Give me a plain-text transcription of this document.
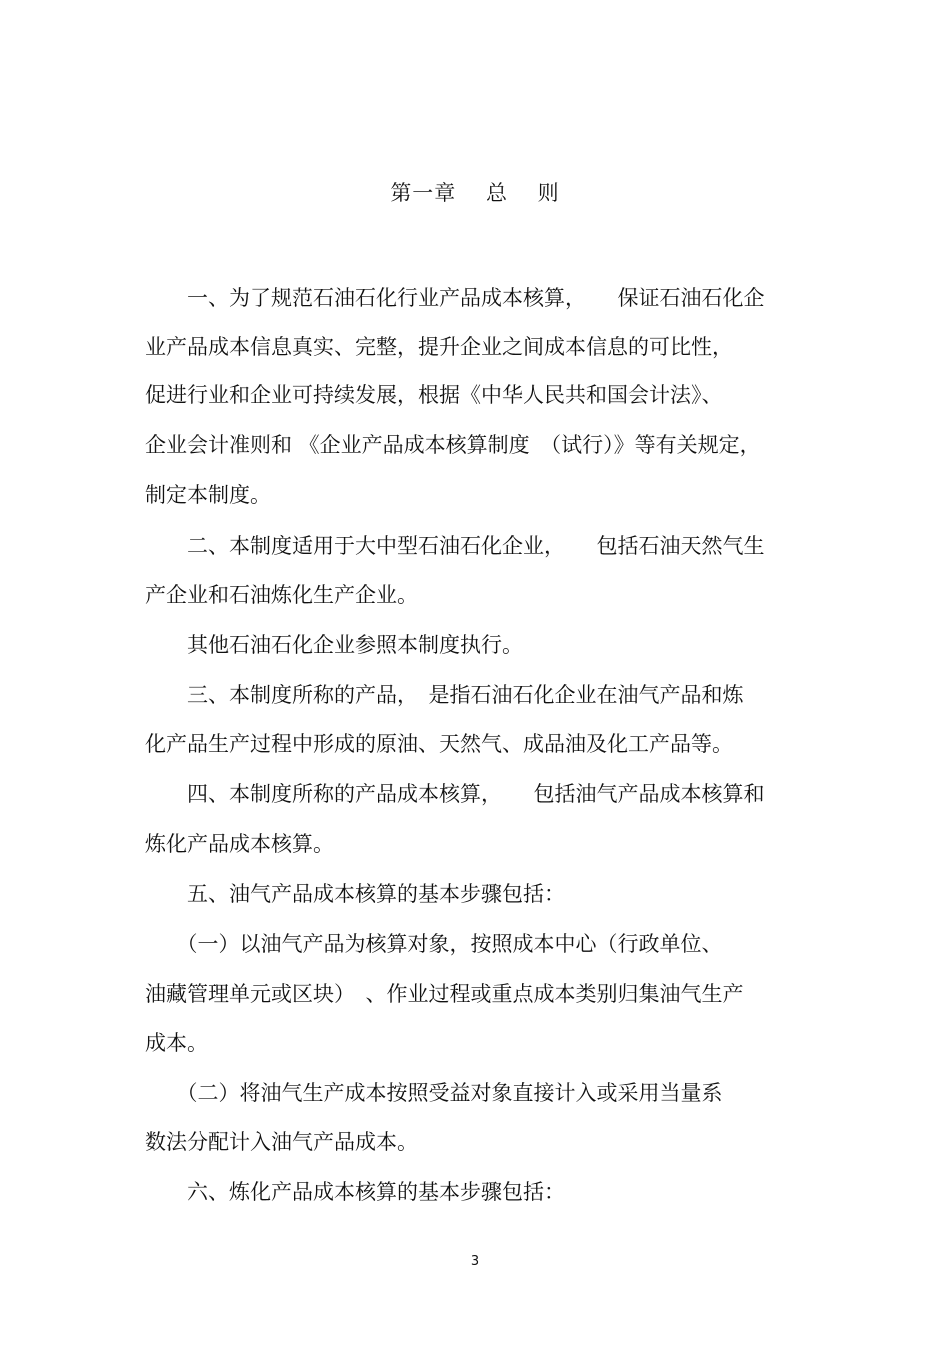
第一章　 总　 则
　　一、为了规范石油石化行业产品成本核算，　　保证石油石化企
业产品成本信息真实、完整，提升企业之间成本信息的可比性，
促进行业和企业可持续发展，根据《中华人民共和国会计法》、
企业会计准则和 《企业产品成本核算制度　（试行）》等有关规定，
制定本制度。
　　二、本制度适用于大中型石油石化企业，　　包括石油天然气生
产企业和石油炼化生产企业。
　　其他石油石化企业参照本制度执行。
　　三、本制度所称的产品，　是指石油石化企业在油气产品和炼
化产品生产过程中形成的原油、天然气、成品油及化工产品等。
　　四、本制度所称的产品成本核算，　　包括油气产品成本核算和
炼化产品成本核算。
　　五、油气产品成本核算的基本步骤包括：
　　（一）以油气产品为核算对象，按照成本中心（行政单位、
油藏管理单元或区块）　、作业过程或重点成本类别归集油气生产
成本。
　　（二）将油气生产成本按照受益对象直接计入或采用当量系
数法分配计入油气产品成本。
　　六、炼化产品成本核算的基本步骤包括：
3
